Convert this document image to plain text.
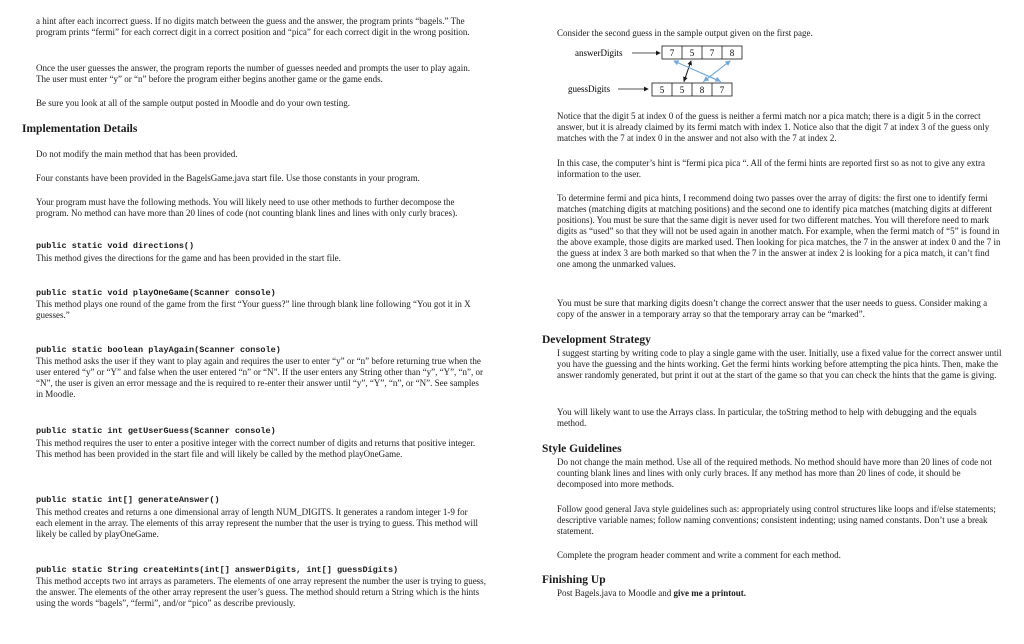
a hint after each incorrect guess. If no digits match between the guess and the answer, the program prints “bagels.” The program prints “fermi” for each correct digit in a correct position and “pica” for each correct digit in the wrong position.

Once the user guesses the answer, the program reports the number of guesses needed and prompts the user to play again. The user must enter “y” or “n” before the program either begins another game or the game ends.

Be sure you look at all of the sample output posted in Moodle and do your own testing.

Implementation Details

Do not modify the main method that has been provided.

Four constants have been provided in the BagelsGame.java start file. Use those constants in your program.

Your program must have the following methods. You will likely need to use other methods to further decompose the program. No method can have more than 20 lines of code (not counting blank lines and lines with only curly braces).

public static void directions()

This method gives the directions for the game and has been provided in the start file.

public static void playOneGame(Scanner console)

This method plays one round of the game from the first “Your guess?” line through blank line following “You got it in X guesses.”

public static boolean playAgain(Scanner console)

This method asks the user if they want to play again and requires the user to enter “y” or “n” before returning true when the user entered “y” or “Y” and false when the user entered “n” or “N”. If the user enters any String other than “y”, “Y”, “n”, or “N”, the user is given an error message and the is required to re-enter their answer until “y”, “Y”, “n”, or “N”. See samples in Moodle.

public static int getUserGuess(Scanner console)

This method requires the user to enter a positive integer with the correct number of digits and returns that positive integer. This method has been provided in the start file and will likely be called by the method playOneGame.

public static int[] generateAnswer()

This method creates and returns a one dimensional array of length NUM_DIGITS. It generates a random integer 1-9 for each element in the array. The elements of this array represent the number that the user is trying to guess. This method will likely be called by playOneGame.

public static String createHints(int[] answerDigits, int[] guessDigits)

This method accepts two int arrays as parameters. The elements of one array represent the number the user is trying to guess, the answer. The elements of the other array represent the user’s guess. The method should return a String which is the hints using the words “bagels”, “fermi”, and/or “pico” as describe previously.

Consider the second guess in the sample output given on the first page.

answerDigits	7 5 7 8
guessDigits	5 5 8 7

Notice that the digit 5 at index 0 of the guess is neither a fermi match nor a pica match; there is a digit 5 in the correct answer, but it is already claimed by its fermi match with index 1. Notice also that the digit 7 at index 3 of the guess only matches with the 7 at index 0 in the answer and not also with the 7 at index 2.

In this case, the computer’s hint is “fermi pica pica “. All of the fermi hints are reported first so as not to give any extra information to the user.

To determine fermi and pica hints, I recommend doing two passes over the array of digits: the first one to identify fermi matches (matching digits at matching positions) and the second one to identify pica matches (matching digits at different positions). You must be sure that the same digit is never used for two different matches. You will therefore need to mark digits as “used” so that they will not be used again in another match. For example, when the fermi match of “5” is found in the above example, those digits are marked used. Then looking for pica matches, the 7 in the answer at index 0 and the 7 in the guess at index 3 are both marked so that when the 7 in the answer at index 2 is looking for a pica match, it can’t find one among the unmarked values.

You must be sure that marking digits doesn’t change the correct answer that the user needs to guess. Consider making a copy of the answer in a temporary array so that the temporary array can be “marked”.

Development Strategy

I suggest starting by writing code to play a single game with the user. Initially, use a fixed value for the correct answer until you have the guessing and the hints working. Get the fermi hints working before attempting the pica hints. Then, make the answer randomly generated, but print it out at the start of the game so that you can check the hints that the game is giving.

You will likely want to use the Arrays class. In particular, the toString method to help with debugging and the equals method.

Style Guidelines

Do not change the main method. Use all of the required methods. No method should have more than 20 lines of code not counting blank lines and lines with only curly braces. If any method has more than 20 lines of code, it should be decomposed into more methods.

Follow good general Java style guidelines such as: appropriately using control structures like loops and if/else statements; descriptive variable names; follow naming conventions; consistent indenting; using named constants. Don’t use a break statement.

Complete the program header comment and write a comment for each method.

Finishing Up

Post Bagels.java to Moodle and give me a printout.
